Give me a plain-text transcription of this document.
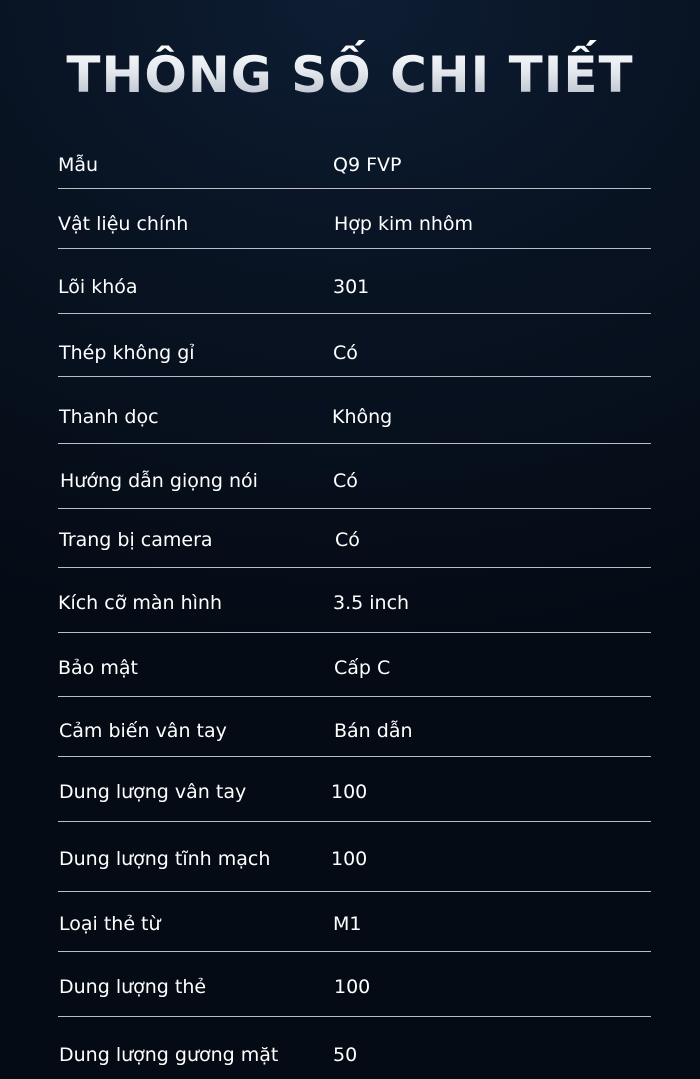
THÔNG SỐ CHI TIẾT
Mẫu	Q9 FVP
Vật liệu chính	Hợp kim nhôm
Lõi khóa	301
Thép không gỉ	Có
Thanh dọc	Không
Hướng dẫn giọng nói	Có
Trang bị camera	Có
Kích cỡ màn hình	3.5 inch
Bảo mật	Cấp C
Cảm biến vân tay	Bán dẫn
Dung lượng vân tay	100
Dung lượng tĩnh mạch	100
Loại thẻ từ	M1
Dung lượng thẻ	100
Dung lượng gương mặt	50
